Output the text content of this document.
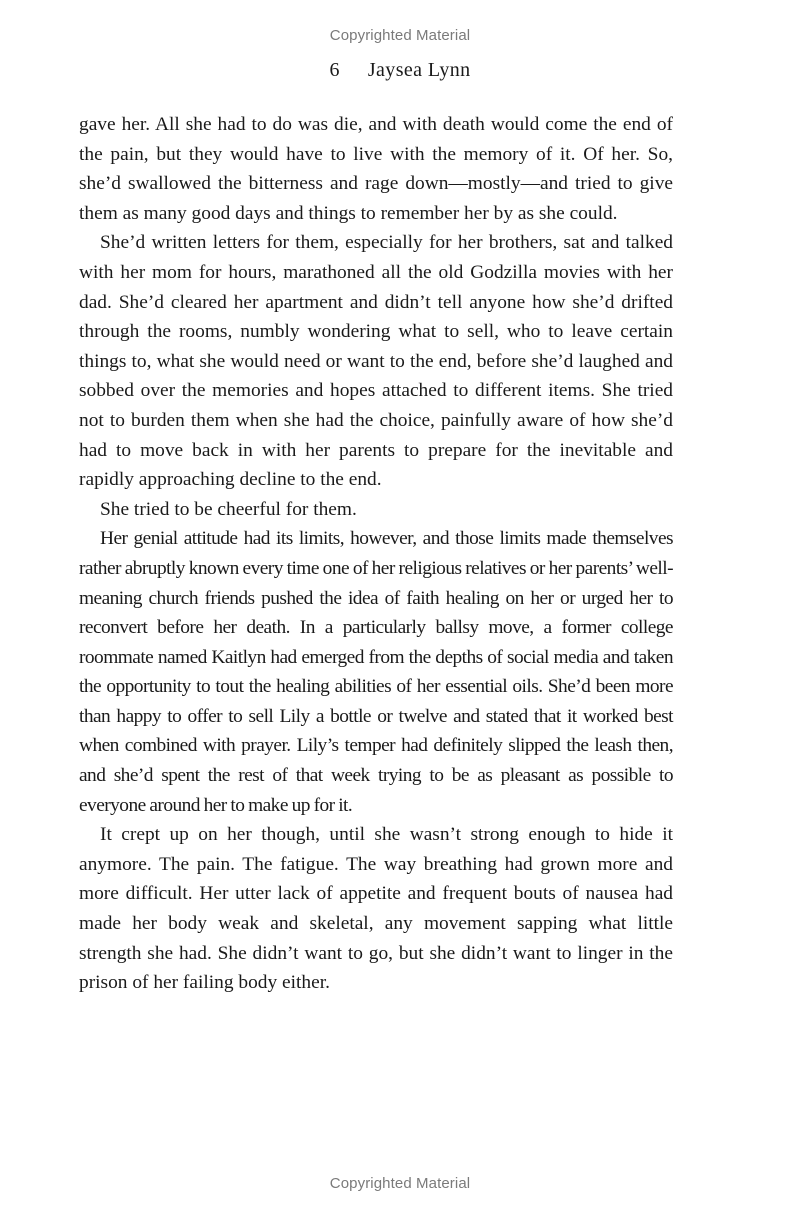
Copyrighted Material
6 Jaysea Lynn

gave her. All she had to do was die, and with death would come the end of the pain, but they would have to live with the memory of it. Of her. So, she’d swallowed the bitterness and rage down—mostly—and tried to give them as many good days and things to remember her by as she could.

She’d written letters for them, especially for her brothers, sat and talked with her mom for hours, marathoned all the old Godzilla movies with her dad. She’d cleared her apartment and didn’t tell anyone how she’d drifted through the rooms, numbly wondering what to sell, who to leave certain things to, what she would need or want to the end, before she’d laughed and sobbed over the memories and hopes attached to different items. She tried not to burden them when she had the choice, painfully aware of how she’d had to move back in with her parents to prepare for the inevitable and rapidly approaching decline to the end.

She tried to be cheerful for them.

Her genial attitude had its limits, however, and those limits made themselves rather abruptly known every time one of her religious relatives or her parents’ well-meaning church friends pushed the idea of faith healing on her or urged her to reconvert before her death. In a particularly ballsy move, a former college roommate named Kaitlyn had emerged from the depths of social media and taken the opportunity to tout the healing abilities of her essential oils. She’d been more than happy to offer to sell Lily a bottle or twelve and stated that it worked best when combined with prayer. Lily’s temper had definitely slipped the leash then, and she’d spent the rest of that week trying to be as pleasant as possible to everyone around her to make up for it.

It crept up on her though, until she wasn’t strong enough to hide it anymore. The pain. The fatigue. The way breathing had grown more and more difficult. Her utter lack of appetite and frequent bouts of nausea had made her body weak and skeletal, any movement sapping what little strength she had. She didn’t want to go, but she didn’t want to linger in the prison of her failing body either.

Copyrighted Material
